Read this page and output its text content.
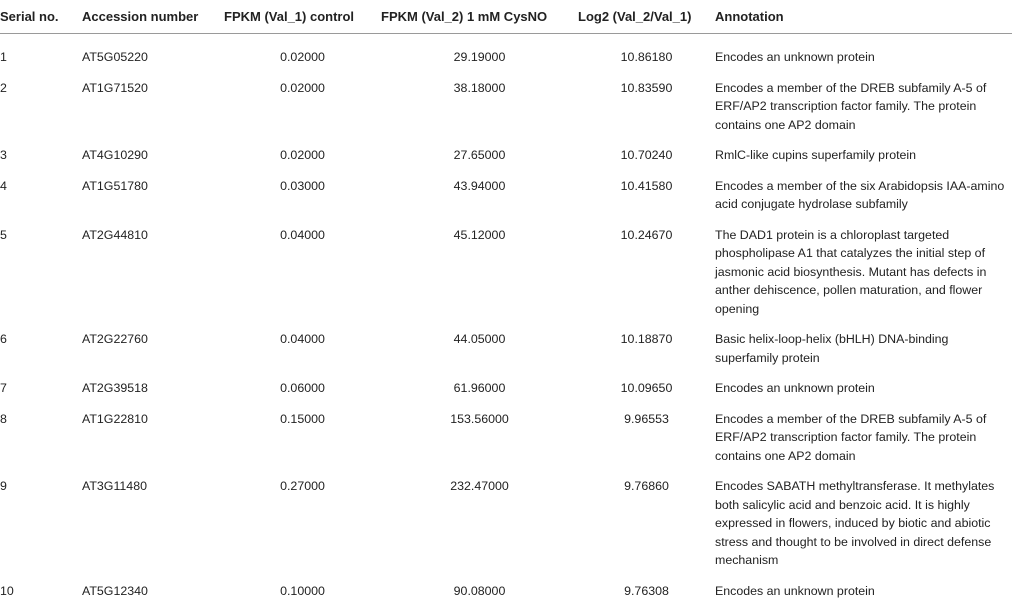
Serial no.	Accession number	FPKM (Val_1) control	FPKM (Val_2) 1 mM CysNO	Log2 (Val_2/Val_1)	Annotation
1	AT5G05220	0.02000	29.19000	10.86180	Encodes an unknown protein
2	AT1G71520	0.02000	38.18000	10.83590	Encodes a member of the DREB subfamily A-5 of ERF/AP2 transcription factor family. The protein contains one AP2 domain
3	AT4G10290	0.02000	27.65000	10.70240	RmlC-like cupins superfamily protein
4	AT1G51780	0.03000	43.94000	10.41580	Encodes a member of the six Arabidopsis IAA-amino acid conjugate hydrolase subfamily
5	AT2G44810	0.04000	45.12000	10.24670	The DAD1 protein is a chloroplast targeted phospholipase A1 that catalyzes the initial step of jasmonic acid biosynthesis. Mutant has defects in anther dehiscence, pollen maturation, and flower opening
6	AT2G22760	0.04000	44.05000	10.18870	Basic helix-loop-helix (bHLH) DNA-binding superfamily protein
7	AT2G39518	0.06000	61.96000	10.09650	Encodes an unknown protein
8	AT1G22810	0.15000	153.56000	9.96553	Encodes a member of the DREB subfamily A-5 of ERF/AP2 transcription factor family. The protein contains one AP2 domain
9	AT3G11480	0.27000	232.47000	9.76860	Encodes SABATH methyltransferase. It methylates both salicylic acid and benzoic acid. It is highly expressed in flowers, induced by biotic and abiotic stress and thought to be involved in direct defense mechanism
10	AT5G12340	0.10000	90.08000	9.76308	Encodes an unknown protein
